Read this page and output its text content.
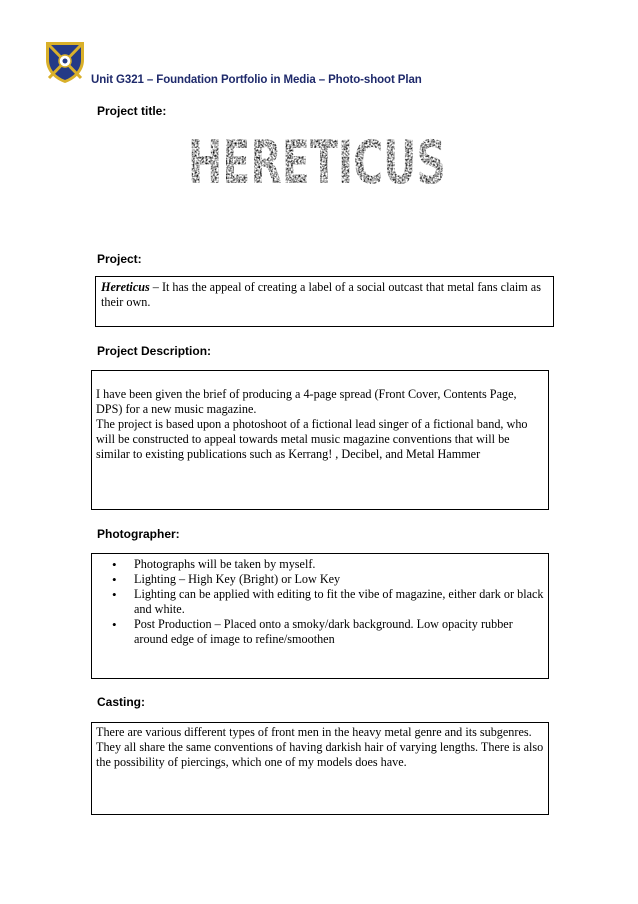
Unit G321 – Foundation Portfolio in Media – Photo-shoot Plan
Project title:
HERETICUS
Project:

Hereticus – It has the appeal of creating a label of a social outcast that metal fans claim as their own.

Project Description:

I have been given the brief of producing a 4-page spread (Front Cover, Contents Page, DPS) for a new music magazine.

The project is based upon a photoshoot of a fictional lead singer of a fictional band, who will be constructed to appeal towards metal music magazine conventions that will be similar to existing publications such as Kerrang! , Decibel, and Metal Hammer

Photographer:
• Photographs will be taken by myself.
• Lighting – High Key (Bright) or Low Key
• Lighting can be applied with editing to fit the vibe of magazine, either dark or black and white.
• Post Production – Placed onto a smoky/dark background. Low opacity rubber around edge of image to refine/smoothen
Casting:

There are various different types of front men in the heavy metal genre and its subgenres. They all share the same conventions of having darkish hair of varying lengths. There is also the possibility of piercings, which one of my models does have.
